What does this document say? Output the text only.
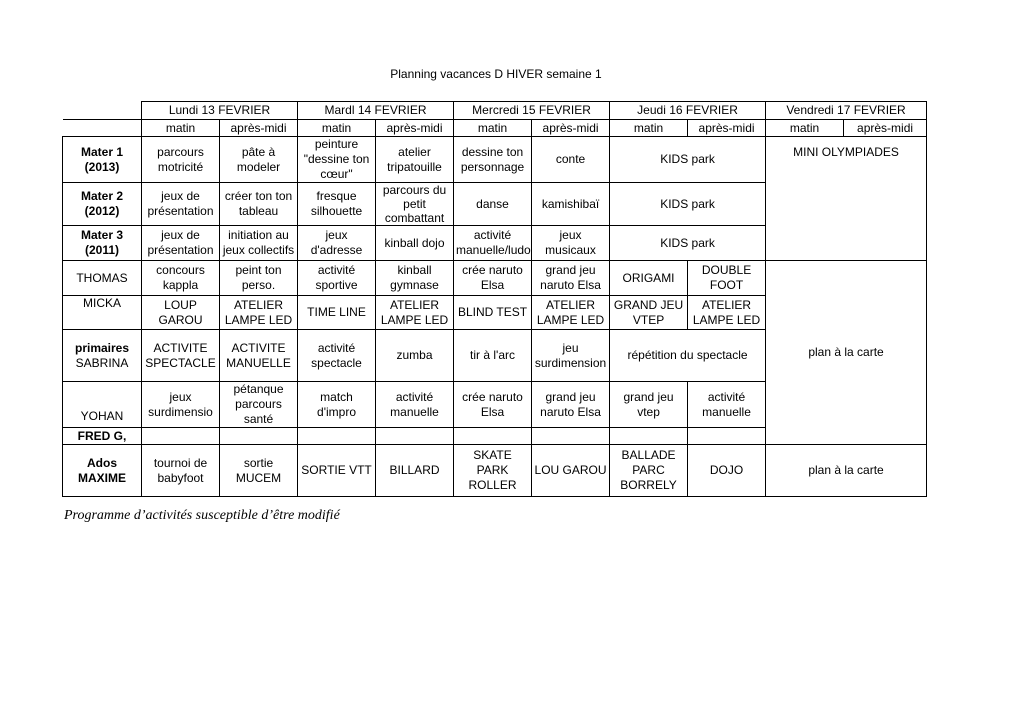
Planning vacances D HIVER semaine 1
	Lundi 13 FEVRIER		Mardl 14 FEVRIER		Mercredi 15 FEVRIER		Jeudi 16 FEVRIER		Vendredi 17 FEVRIER	
	matin	après-midi	matin	après-midi	matin	après-midi	matin	après-midi	matin	après-midi

Mater 1
(2013)	parcours motricité	pâte à modeler	peinture "dessine ton cœur"	atelier tripatouille	dessine ton personnage	conte	KIDS park		MINI OLYMPIADES	

Mater 2
(2012)	jeux de présentation	créer ton ton tableau	fresque silhouette	parcours du petit combattant	danse	kamishibaï	KIDS park			

Mater 3
(2011)	jeux de présentation	initiation au jeux collectifs	jeux d'adresse	kinball dojo	activité manuelle/ludo	jeux musicaux	KIDS park			
THOMAS	concours kappla	peint ton perso.	activité sportive	kinball gymnase	crée naruto Elsa	grand jeu naruto Elsa	ORIGAMI	DOUBLE FOOT	plan à la carte	
MICKA	LOUP GAROU	ATELIER LAMPE LED	TIME LINE	ATELIER LAMPE LED	BLIND TEST	ATELIER LAMPE LED	GRAND JEU VTEP	ATELIER LAMPE LED		

primaires
SABRINA	ACTIVITE SPECTACLE	ACTIVITE MANUELLE	activité spectacle	zumba	tir à l'arc	jeu surdimension	répétition du spectacle			
YOHAN	jeux surdimensio	pétanque parcours santé	match d'impro	activité manuelle	crée naruto Elsa	grand jeu naruto Elsa	grand jeu vtep	activité manuelle		
FRED G,										

Ados
MAXIME	tournoi de babyfoot	sortie MUCEM	SORTIE VTT	BILLARD	SKATE PARK ROLLER	LOU GAROU	BALLADE PARC BORRELY	DOJO	plan à la carte	
Programme d’activités susceptible d’être modifié
